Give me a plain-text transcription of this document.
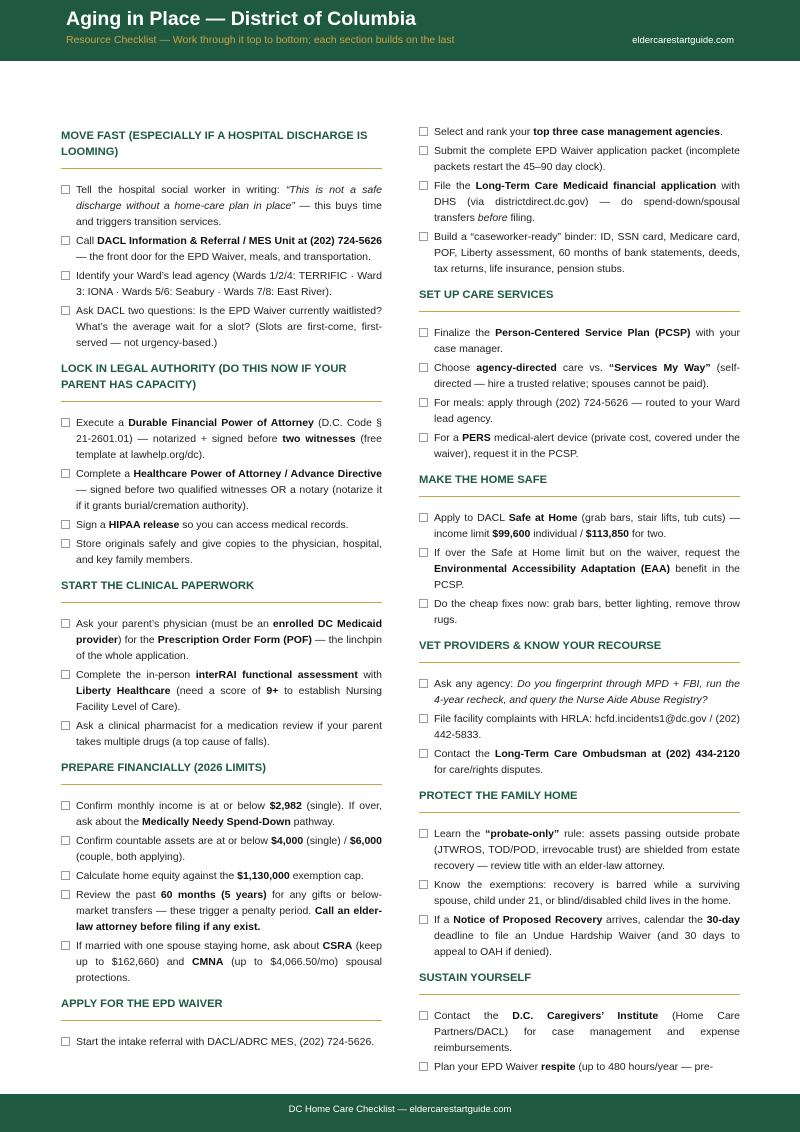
Aging in Place — District of Columbia
Resource Checklist — Work through it top to bottom; each section builds on the last	eldercarestartguide.com
MOVE FAST (ESPECIALLY IF A HOSPITAL DISCHARGE IS LOOMING)
Tell the hospital social worker in writing: “This is not a safe discharge without a home-care plan in place” — this buys time and triggers transition services.
Call DACL Information & Referral / MES Unit at (202) 724-5626 — the front door for the EPD Waiver, meals, and transportation.
Identify your Ward’s lead agency (Wards 1/2/4: TERRIFIC · Ward 3: IONA · Wards 5/6: Seabury · Wards 7/8: East River).
Ask DACL two questions: Is the EPD Waiver currently waitlisted? What’s the average wait for a slot? (Slots are first-come, first-served — not urgency-based.)
LOCK IN LEGAL AUTHORITY (DO THIS NOW IF YOUR PARENT HAS CAPACITY)
Execute a Durable Financial Power of Attorney (D.C. Code § 21-2601.01) — notarized + signed before two witnesses (free template at lawhelp.org/dc).
Complete a Healthcare Power of Attorney / Advance Directive — signed before two qualified witnesses OR a notary (notarize it if it grants burial/cremation authority).
Sign a HIPAA release so you can access medical records.
Store originals safely and give copies to the physician, hospital, and key family members.
START THE CLINICAL PAPERWORK
Ask your parent’s physician (must be an enrolled DC Medicaid provider) for the Prescription Order Form (POF) — the linchpin of the whole application.
Complete the in-person interRAI functional assessment with Liberty Healthcare (need a score of 9+ to establish Nursing Facility Level of Care).
Ask a clinical pharmacist for a medication review if your parent takes multiple drugs (a top cause of falls).
PREPARE FINANCIALLY (2026 LIMITS)
Confirm monthly income is at or below $2,982 (single). If over, ask about the Medically Needy Spend-Down pathway.
Confirm countable assets are at or below $4,000 (single) / $6,000 (couple, both applying).
Calculate home equity against the $1,130,000 exemption cap.
Review the past 60 months (5 years) for any gifts or below-market transfers — these trigger a penalty period. Call an elder-law attorney before filing if any exist.
If married with one spouse staying home, ask about CSRA (keep up to $162,660) and CMNA (up to $4,066.50/mo) spousal protections.
APPLY FOR THE EPD WAIVER
Start the intake referral with DACL/ADRC MES, (202) 724-5626.
Select and rank your top three case management agencies.
Submit the complete EPD Waiver application packet (incomplete packets restart the 45–90 day clock).
File the Long-Term Care Medicaid financial application with DHS (via districtdirect.dc.gov) — do spend-down/spousal transfers before filing.
Build a “caseworker-ready” binder: ID, SSN card, Medicare card, POF, Liberty assessment, 60 months of bank statements, deeds, tax returns, life insurance, pension stubs.
SET UP CARE SERVICES
Finalize the Person-Centered Service Plan (PCSP) with your case manager.
Choose agency-directed care vs. “Services My Way” (self-directed — hire a trusted relative; spouses cannot be paid).
For meals: apply through (202) 724-5626 — routed to your Ward lead agency.
For a PERS medical-alert device (private cost, covered under the waiver), request it in the PCSP.
MAKE THE HOME SAFE
Apply to DACL Safe at Home (grab bars, stair lifts, tub cuts) — income limit $99,600 individual / $113,850 for two.
If over the Safe at Home limit but on the waiver, request the Environmental Accessibility Adaptation (EAA) benefit in the PCSP.
Do the cheap fixes now: grab bars, better lighting, remove throw rugs.
VET PROVIDERS & KNOW YOUR RECOURSE
Ask any agency: Do you fingerprint through MPD + FBI, run the 4-year recheck, and query the Nurse Aide Abuse Registry?
File facility complaints with HRLA: hcfd.incidents1@dc.gov / (202) 442-5833.
Contact the Long-Term Care Ombudsman at (202) 434-2120 for care/rights disputes.
PROTECT THE FAMILY HOME
Learn the “probate-only” rule: assets passing outside probate (JTWROS, TOD/POD, irrevocable trust) are shielded from estate recovery — review title with an elder-law attorney.
Know the exemptions: recovery is barred while a surviving spouse, child under 21, or blind/disabled child lives in the home.
If a Notice of Proposed Recovery arrives, calendar the 30-day deadline to file an Undue Hardship Waiver (and 30 days to appeal to OAH if denied).
SUSTAIN YOURSELF
Contact the D.C. Caregivers’ Institute (Home Care Partners/DACL) for case management and expense reimbursements.
Plan your EPD Waiver respite (up to 480 hours/year — pre-
DC Home Care Checklist — eldercarestartguide.com
